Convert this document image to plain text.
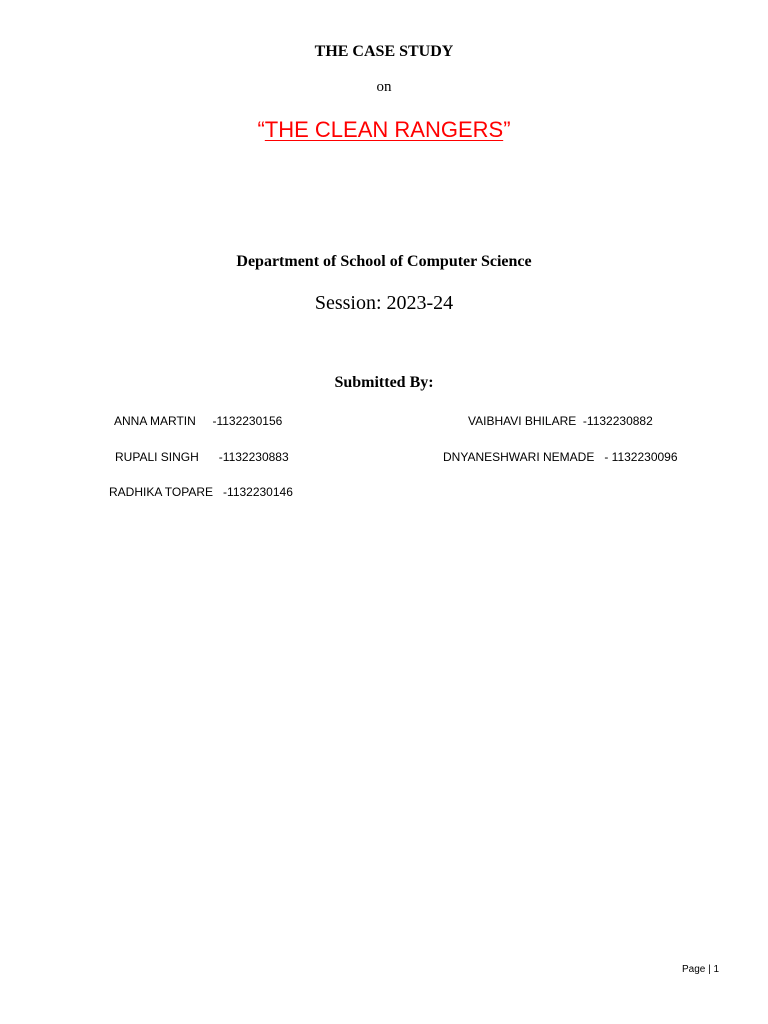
THE CASE STUDY
on
“THE CLEAN RANGERS”
Department of School of Computer Science
Session: 2023-24
Submitted By:
ANNA MARTIN     -1132230156	VAIBHAVI BHILARE  -1132230882
RUPALI SINGH      -1132230883	DNYANESHWARI NEMADE   - 1132230096
RADHIKA TOPARE   -1132230146
Page | 1
